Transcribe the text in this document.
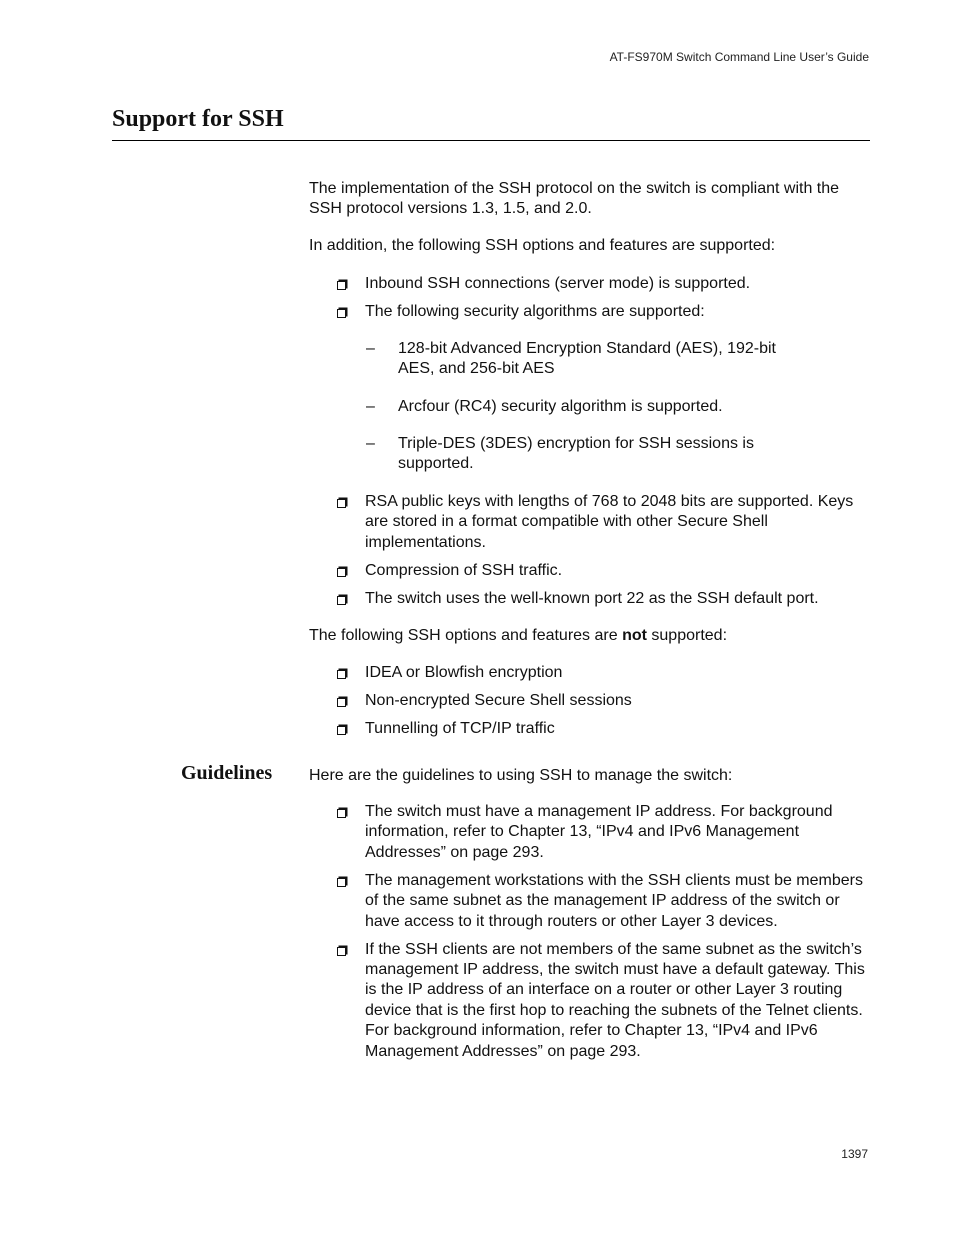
AT-FS970M Switch Command Line User’s Guide
Support for SSH

The implementation of the SSH protocol on the switch is compliant with the SSH protocol versions 1.3, 1.5, and 2.0.

In addition, the following SSH options and features are supported:

Inbound SSH connections (server mode) is supported.
The following security algorithms are supported:

–	128-bit Advanced Encryption Standard (AES), 192-bit AES, and 256-bit AES

–	Arcfour (RC4) security algorithm is supported.

–	Triple-DES (3DES) encryption for SSH sessions is supported.

RSA public keys with lengths of 768 to 2048 bits are supported. Keys are stored in a format compatible with other Secure Shell implementations.
Compression of SSH traffic.
The switch uses the well-known port 22 as the SSH default port.

The following SSH options and features are not supported:

IDEA or Blowfish encryption
Non-encrypted Secure Shell sessions
Tunnelling of TCP/IP traffic
Guidelines Here are the guidelines to using SSH to manage the switch:

The switch must have a management IP address. For background information, refer to Chapter 13, “IPv4 and IPv6 Management Addresses” on page 293.
The management workstations with the SSH clients must be members of the same subnet as the management IP address of the switch or have access to it through routers or other Layer 3 devices.
If the SSH clients are not members of the same subnet as the switch’s management IP address, the switch must have a default gateway. This is the IP address of an interface on a router or other Layer 3 routing device that is the first hop to reaching the subnets of the Telnet clients. For background information, refer to Chapter 13, “IPv4 and IPv6 Management Addresses” on page 293.
1397
